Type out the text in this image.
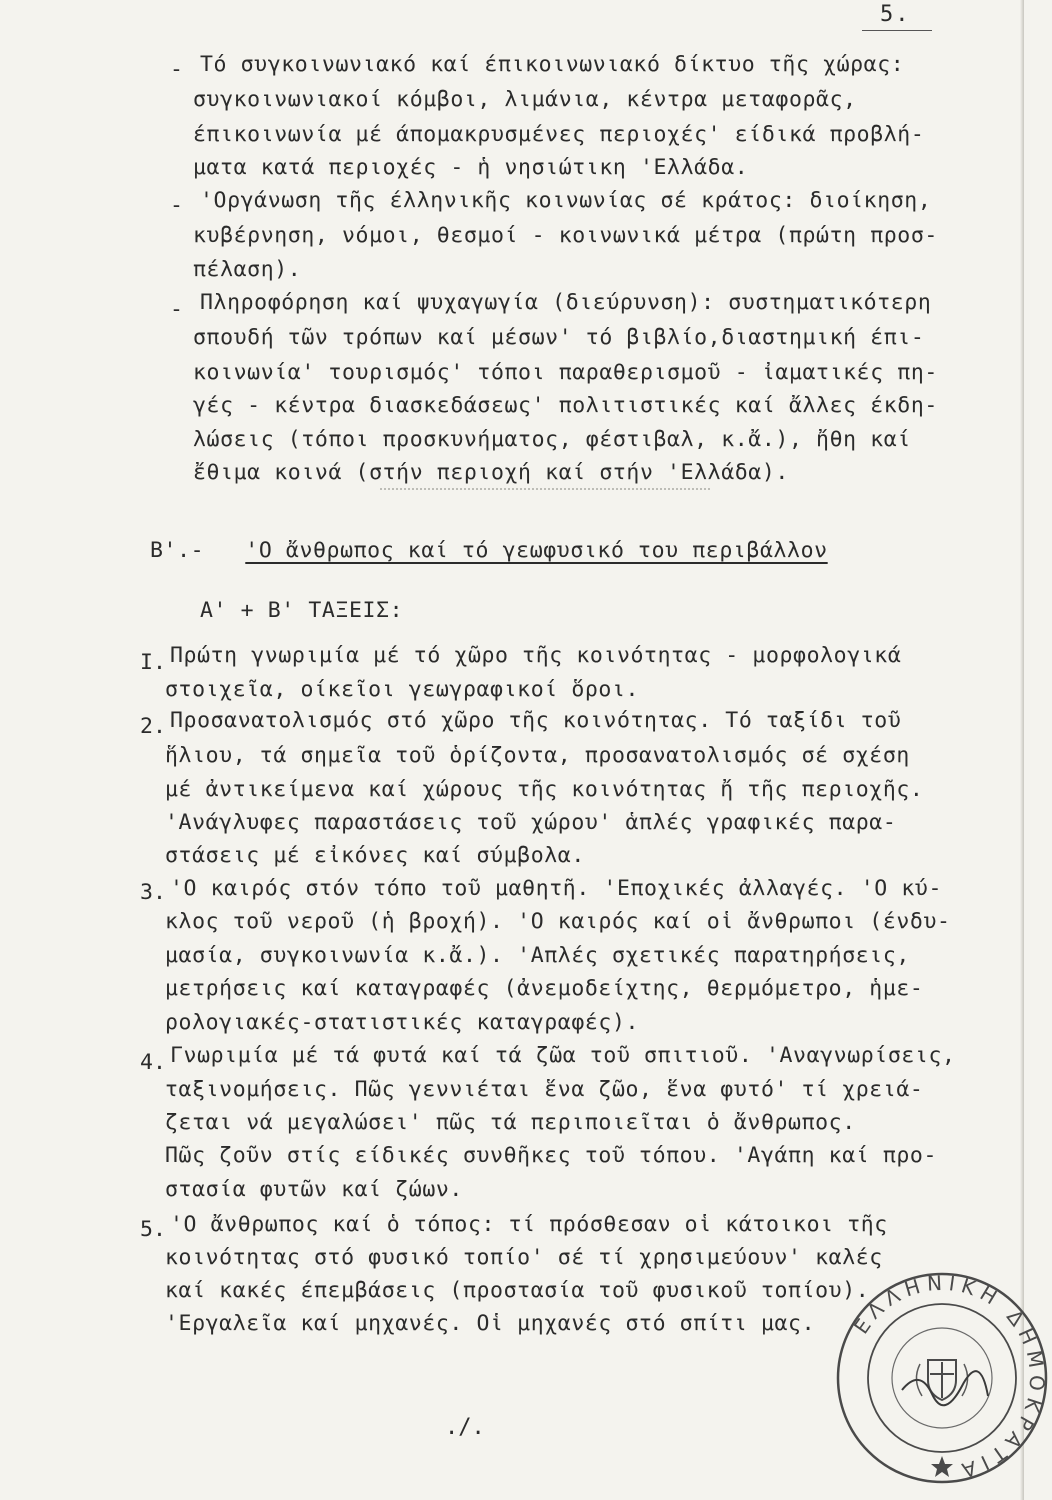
5.
- Τό συγκοινωνιακό καί έπικοινωνιακό δίκτυο τῆς χώρας:
συγκοινωνιακοί κόμβοι, λιμάνια, κέντρα μεταφορᾶς,
έπικοινωνία μέ άπομακρυσμένες περιοχές' είδικά προβλή-
ματα κατά περιοχές - ἡ νησιώτικη 'Ελλάδα.
- 'Οργάνωση τῆς έλληνικῆς κοινωνίας σέ κράτος: διοίκηση,
κυβέρνηση, νόμοι, θεσμοί - κοινωνικά μέτρα (πρώτη προσ-
πέλαση).
- Πληροφόρηση καί ψυχαγωγία (διεύρυνση): συστηματικότερη
σπουδή τῶν τρόπων καί μέσων' τό βιβλίο,διαστημική έπι-
κοινωνία' τουρισμός' τόποι παραθερισμοῦ - ἰαματικές πη-
γές - κέντρα διασκεδάσεως' πολιτιστικές καί ἄλλες έκδη-
λώσεις (τόποι προσκυνήματος, φέστιβαλ, κ.ἄ.), ἤθη καί
ἔθιμα κοινά (στήν περιοχή καί στήν 'Ελλάδα).
Β'.- 'Ο ἄνθρωπος καί τό γεωφυσικό του περιβάλλον
Α' + Β' ΤΑΞΕΙΣ:
Ι. Πρώτη γνωριμία μέ τό χῶρο τῆς κοινότητας - μορφολογικά
στοιχεῖα, οίκεῖοι γεωγραφικοί ὅροι.
2. Προσανατολισμός στό χῶρο τῆς κοινότητας. Τό ταξίδι τοῦ
ἥλιου, τά σημεῖα τοῦ ὁρίζοντα, προσανατολισμός σέ σχέση
μέ ἀντικείμενα καί χώρους τῆς κοινότητας ἤ τῆς περιοχῆς.
'Ανάγλυφες παραστάσεις τοῦ χώρου' ἁπλές γραφικές παρα-
στάσεις μέ εἰκόνες καί σύμβολα.
3. 'Ο καιρός στόν τόπο τοῦ μαθητῆ. 'Εποχικές ἀλλαγές. 'Ο κύ-
κλος τοῦ νεροῦ (ἡ βροχή). 'Ο καιρός καί οἱ ἄνθρωποι (ένδυ-
μασία, συγκοινωνία κ.ἄ.). 'Απλές σχετικές παρατηρήσεις,
μετρήσεις καί καταγραφές (ἀνεμοδείχτης, θερμόμετρο, ἡμε-
ρολογιακές-στατιστικές καταγραφές).
4. Γνωριμία μέ τά φυτά καί τά ζῶα τοῦ σπιτιοῦ. 'Αναγνωρίσεις,
ταξινομήσεις. Πῶς γεννιέται ἕνα ζῶο, ἕνα φυτό' τί χρειά-
ζεται νά μεγαλώσει' πῶς τά περιποιεῖται ὁ ἄνθρωπος.
Πῶς ζοῦν στίς είδικές συνθῆκες τοῦ τόπου. 'Αγάπη καί προ-
στασία φυτῶν καί ζώων.
5. 'Ο ἄνθρωπος καί ὁ τόπος: τί πρόσθεσαν οἱ κάτοικοι τῆς
κοινότητας στό φυσικό τοπίο' σέ τί χρησιμεύουν' καλές
καί κακές έπεμβάσεις (προστασία τοῦ φυσικοῦ τοπίου).
'Εργαλεῖα καί μηχανές. Οἱ μηχανές στό σπίτι μας.
./.
ΕΛΛΗΝΙΚΗ ΔΗΜΟΚΡΑΤΙΑ
